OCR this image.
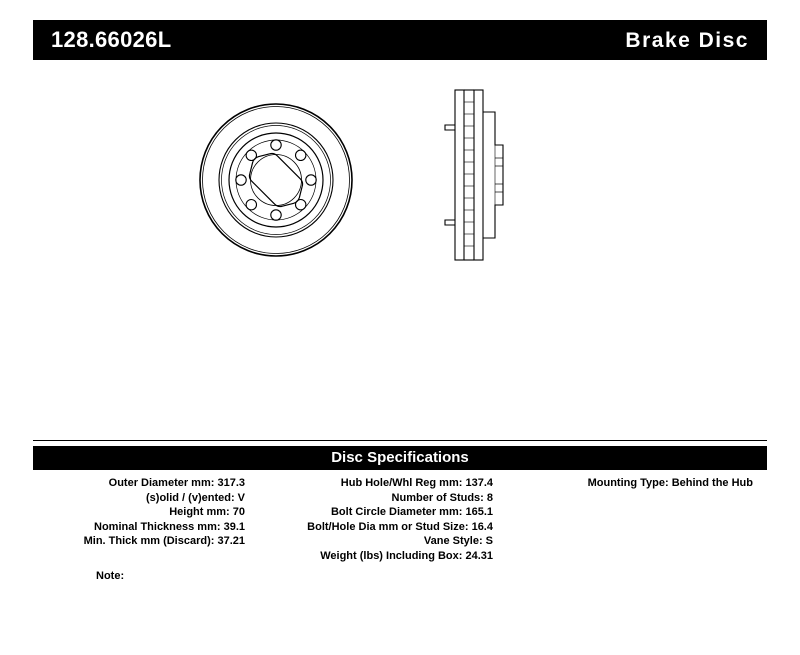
128.66026L	Brake Disc
Disc Specifications
Outer Diameter mm: 317.3
(s)olid / (v)ented: V
Height mm: 70
Nominal Thickness mm: 39.1
Min. Thick mm (Discard): 37.21
Hub Hole/Whl Reg mm: 137.4
Number of Studs: 8
Bolt Circle Diameter mm: 165.1
Bolt/Hole Dia mm or Stud Size: 16.4
Vane Style: S
Weight (lbs) Including Box: 24.31
Mounting Type: Behind the Hub
Note:
